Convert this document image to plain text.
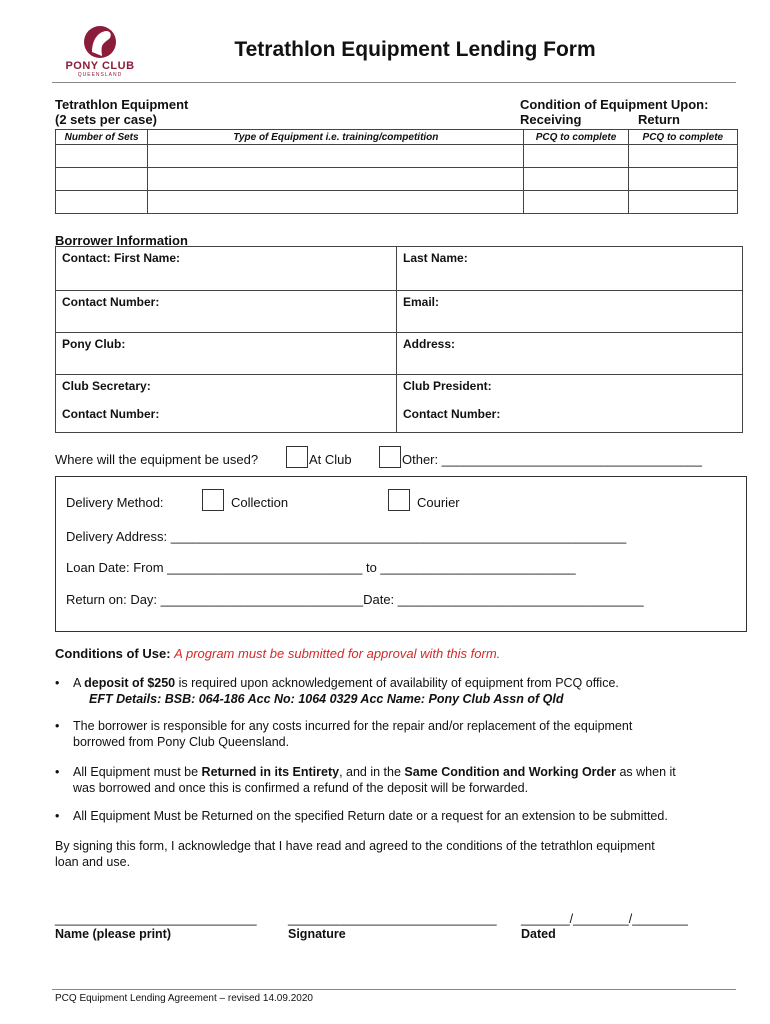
PONY CLUB
QUEENSLAND
Tetrathlon Equipment Lending Form
Tetrathlon Equipment
(2 sets per case)
Condition of Equipment Upon:
Receiving	Return
Number of Sets	Type of Equipment i.e. training/competition	PCQ to complete	PCQ to complete

Borrower Information
Contact: First Name:	Last Name:
Contact Number:	Email:
Pony Club:	Address:
Club Secretary:	Club President:
Contact Number:	Contact Number:
Where will the equipment be used?	At Club	Other: ____________________________________
Delivery Method:	Collection	Courier
Delivery Address: _______________________________________________________________
Loan Date: From ___________________________ to ___________________________
Return on: Day: ____________________________Date: __________________________________
Conditions of Use: A program must be submitted for approval with this form.
• A deposit of $250 is required upon acknowledgement of availability of equipment from PCQ office.
EFT Details: BSB: 064-186 Acc No: 1064 0329 Acc Name: Pony Club Assn of Qld
• The borrower is responsible for any costs incurred for the repair and/or replacement of the equipment
borrowed from Pony Club Queensland.
• All Equipment must be Returned in its Entirety, and in the Same Condition and Working Order as when it
was borrowed and once this is confirmed a refund of the deposit will be forwarded.
• All Equipment Must be Returned on the specified Return date or a request for an extension to be submitted.
By signing this form, I acknowledge that I have read and agreed to the conditions of the tetrathlon equipment
loan and use.
_____________________________	______________________________ _______/________/________
Name (please print)	Signature	Dated
PCQ Equipment Lending Agreement – revised 14.09.2020
